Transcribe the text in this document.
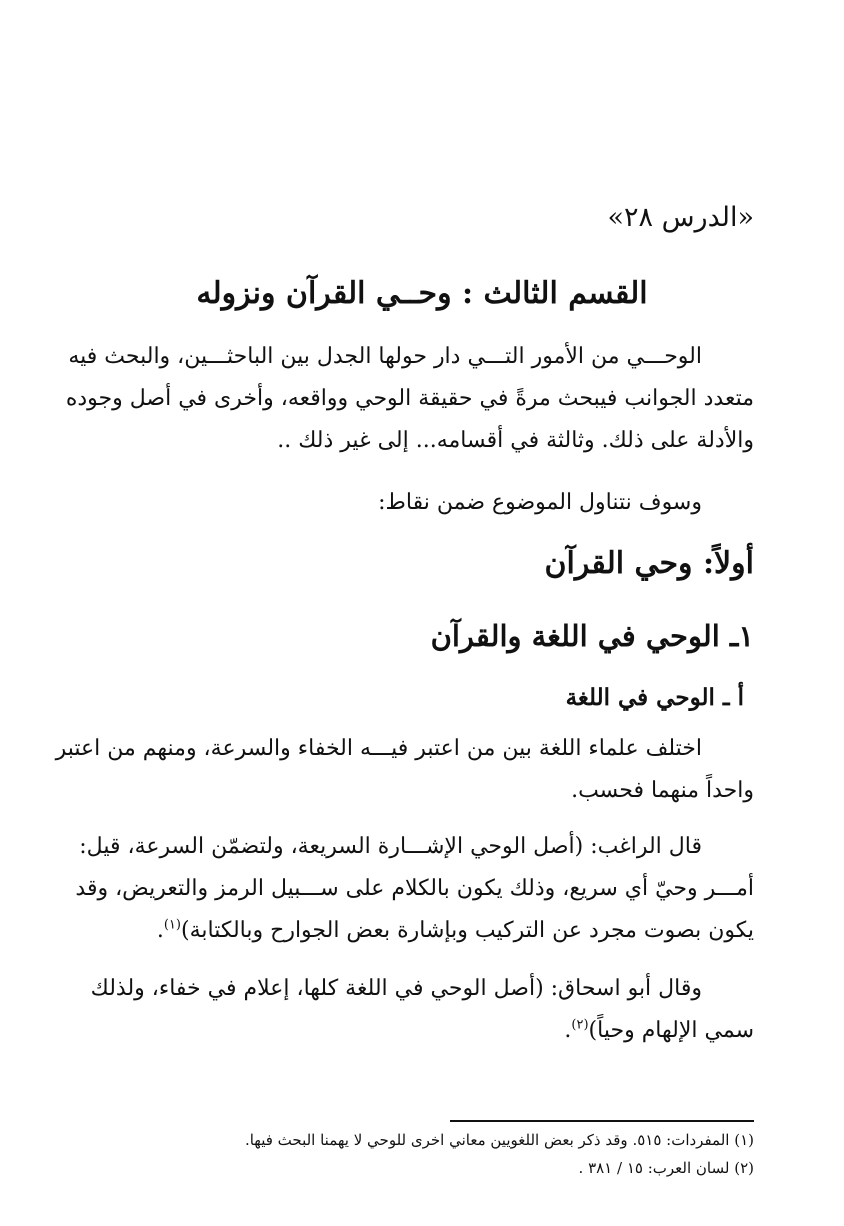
«الدرس ٢٨»
القسم الثالث : وحــي القرآن ونزوله

الوحـــي من الأمور التـــي دار حولها الجدل بين الباحثـــين، والبحث فيه

متعدد الجوانب فيبحث مرةً في حقيقة الوحي وواقعه، وأخرى في أصل وجوده

والأدلة على ذلك. وثالثة في أقسامه... إلى غير ذلك ..

وسوف نتناول الموضوع ضمن نقاط:
أولاً: وحي القرآن
١ـ الوحي في اللغة والقرآن
أ ـ الوحي في اللغة

اختلف علماء اللغة بين من اعتبر فيـــه الخفاء والسرعة، ومنهم من اعتبر

واحداً منهما فحسب.

قال الراغب: (أصل الوحي الإشـــارة السريعة، ولتضمّن السرعة، قيل:

أمـــر وحيّ أي سريع، وذلك يكون بالكلام على ســـبيل الرمز والتعريض، وقد

يكون بصوت مجرد عن التركيب وبإشارة بعض الجوارح وبالكتابة)$^{(١)}$.

وقال أبو اسحاق: (أصل الوحي في اللغة كلها، إعلام في خفاء، ولذلك

سمي الإلهام وحياً)$^{(٢)}$.

(١) المفردات: ٥١٥. وقد ذكر بعض اللغويين معاني اخرى للوحي لا يهمنا البحث فيها.
(٢) لسان العرب: ١٥ / ٣٨١ .
